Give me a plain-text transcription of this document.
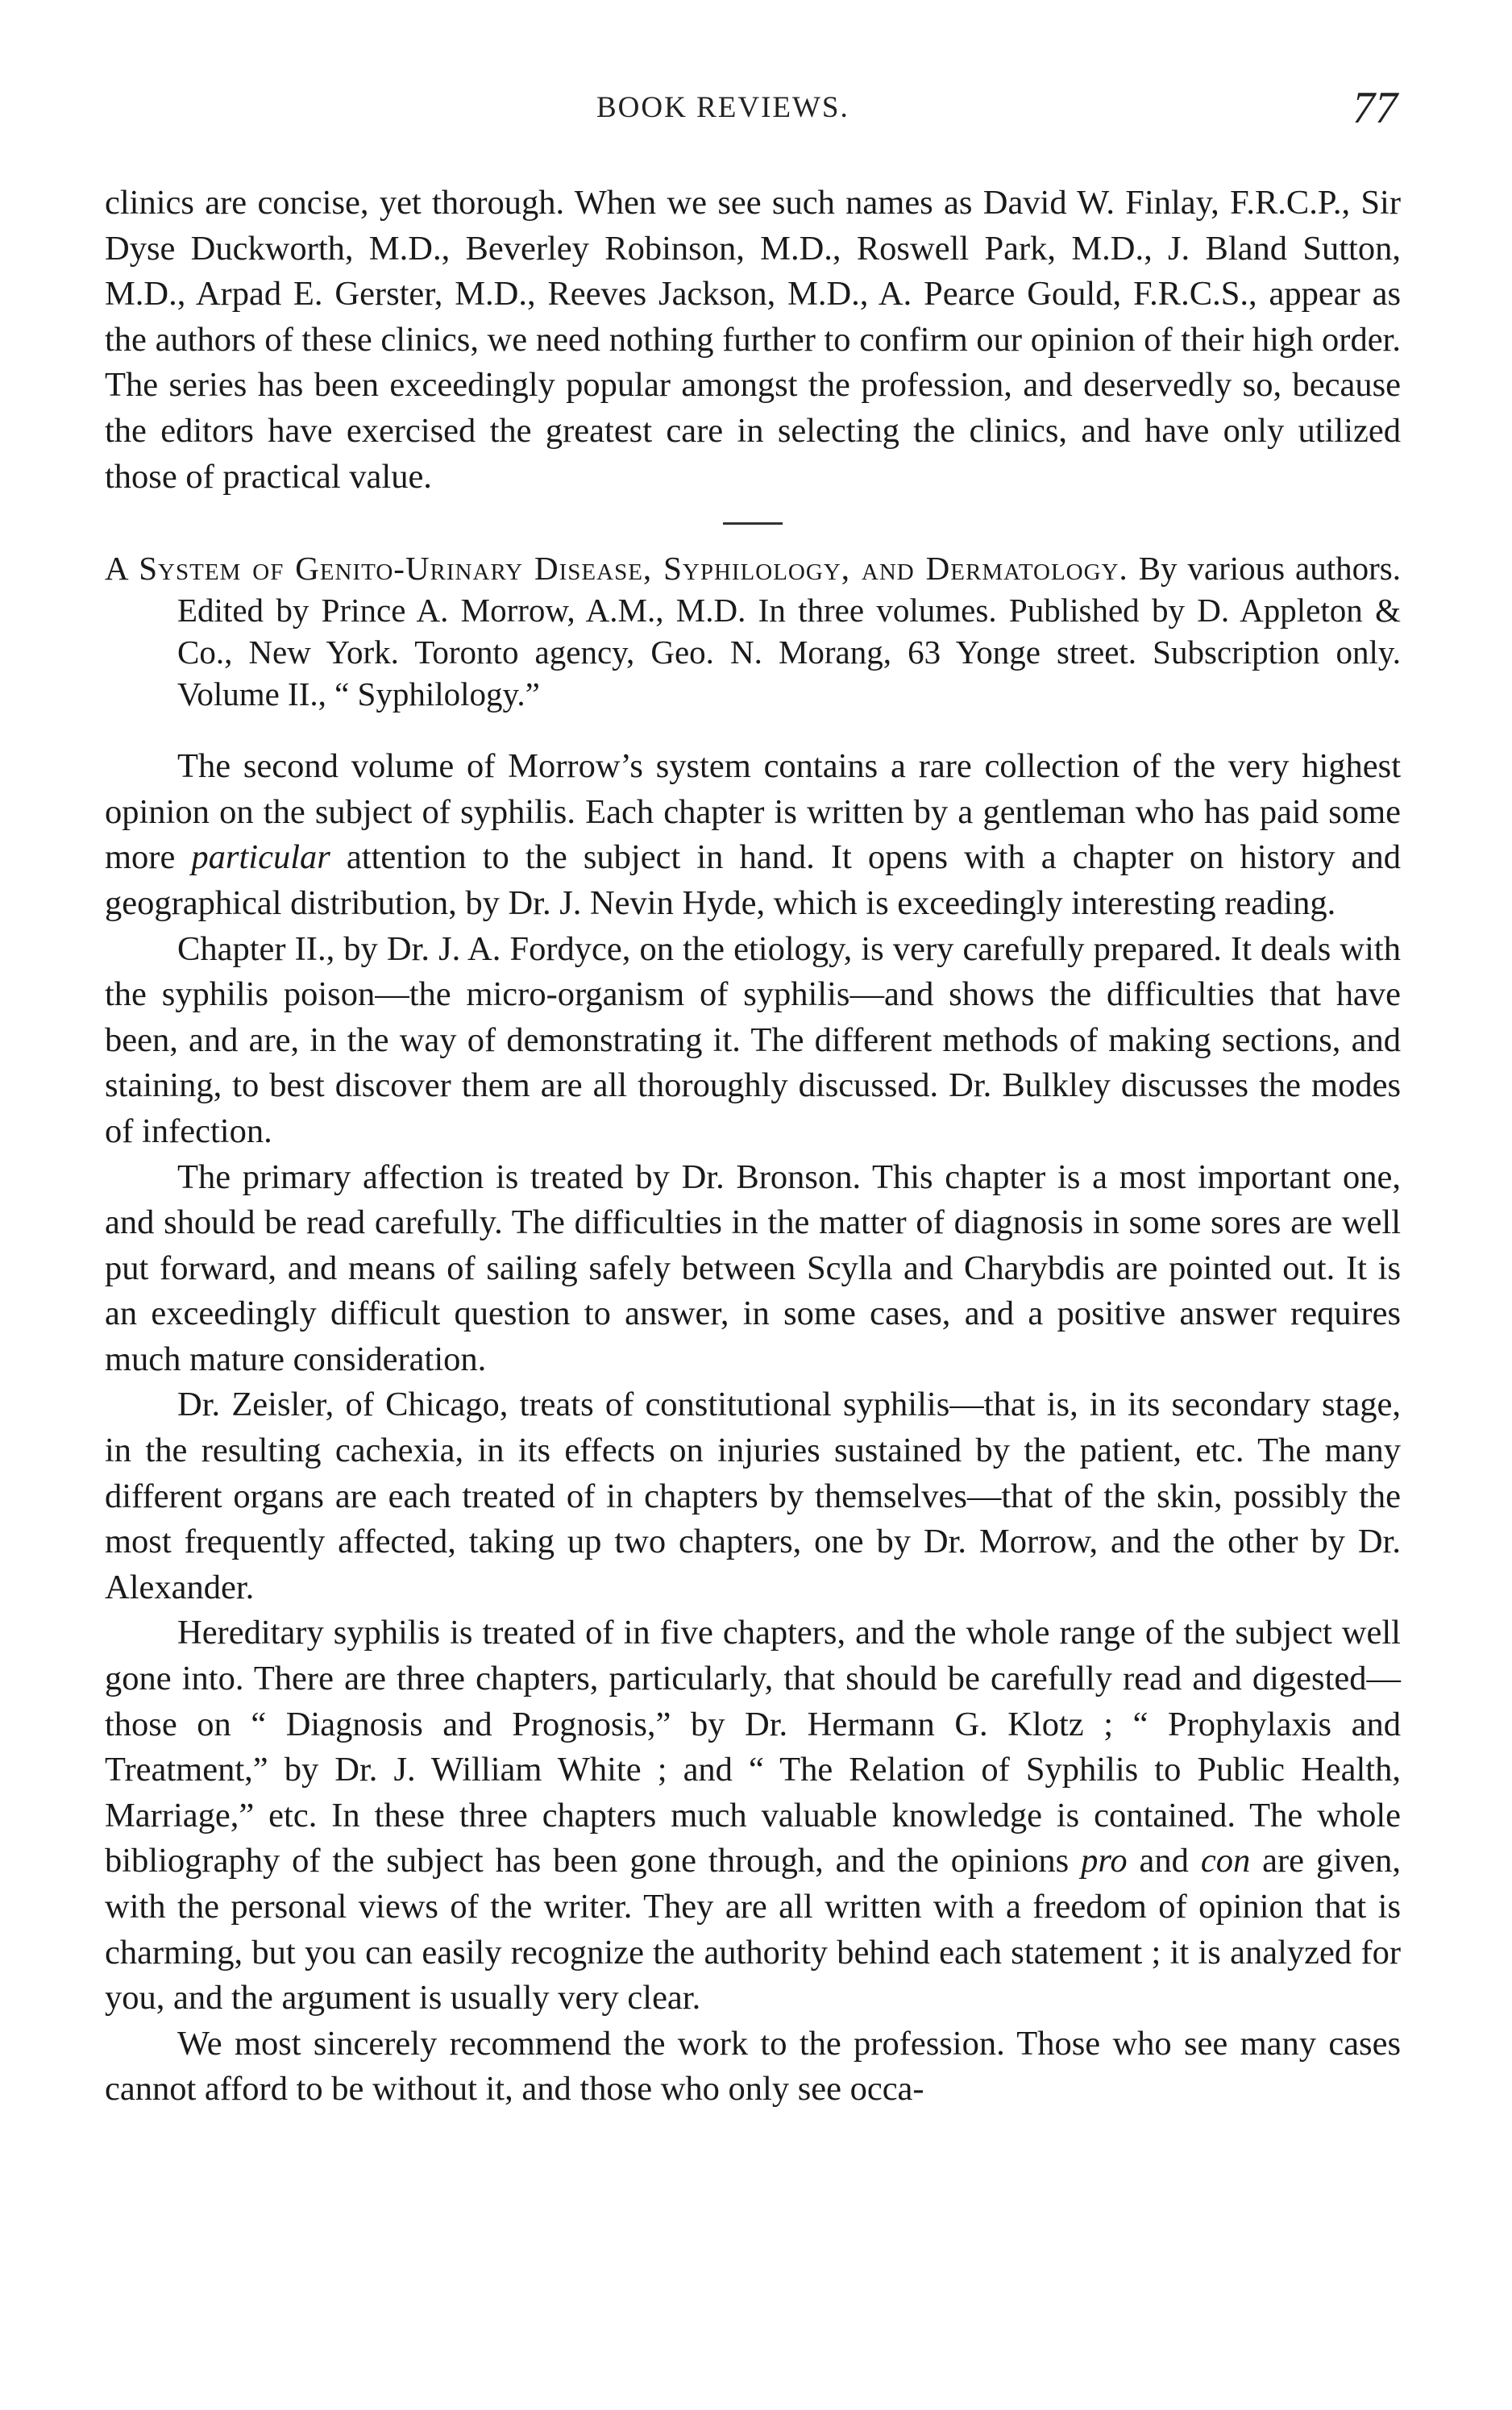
BOOK REVIEWS.	77

clinics are concise, yet thorough. When we see such names as David W. Finlay, F.R.C.P., Sir Dyse Duckworth, M.D., Beverley Robinson, M.D., Roswell Park, M.D., J. Bland Sutton, M.D., Arpad E. Gerster, M.D., Reeves Jackson, M.D., A. Pearce Gould, F.R.C.S., appear as the authors of these clinics, we need nothing further to confirm our opinion of their high order. The series has been exceedingly popular amongst the profession, and deservedly so, because the editors have exercised the greatest care in selecting the clinics, and have only utilized those of practical value.

A System of Genito-Urinary Disease, Syphilology, and Dermatology. By various authors. Edited by Prince A. Morrow, A.M., M.D. In three volumes. Published by D. Appleton & Co., New York. Toronto agency, Geo. N. Morang, 63 Yonge street. Subscription only. Volume II., “ Syphilology.”

The second volume of Morrow’s system contains a rare collection of the very highest opinion on the subject of syphilis. Each chapter is written by a gentleman who has paid some more particular attention to the subject in hand. It opens with a chapter on history and geographical distribution, by Dr. J. Nevin Hyde, which is exceedingly interesting reading.

Chapter II., by Dr. J. A. Fordyce, on the etiology, is very carefully prepared. It deals with the syphilis poison—the micro-organism of syphilis—and shows the difficulties that have been, and are, in the way of demonstrating it. The different methods of making sections, and staining, to best discover them are all thoroughly discussed. Dr. Bulkley discusses the modes of infection.

The primary affection is treated by Dr. Bronson. This chapter is a most important one, and should be read carefully. The difficulties in the matter of diagnosis in some sores are well put forward, and means of sailing safely between Scylla and Charybdis are pointed out. It is an exceedingly difficult question to answer, in some cases, and a positive answer requires much mature consideration.

Dr. Zeisler, of Chicago, treats of constitutional syphilis—that is, in its secondary stage, in the resulting cachexia, in its effects on injuries sustained by the patient, etc. The many different organs are each treated of in chapters by themselves—that of the skin, possibly the most frequently affected, taking up two chapters, one by Dr. Morrow, and the other by Dr. Alexander.

Hereditary syphilis is treated of in five chapters, and the whole range of the subject well gone into. There are three chapters, particularly, that should be carefully read and digested—those on “ Diagnosis and Prognosis,” by Dr. Hermann G. Klotz ; “ Prophylaxis and Treatment,” by Dr. J. William White ; and “ The Relation of Syphilis to Public Health, Marriage,” etc. In these three chapters much valuable knowledge is contained. The whole bibliography of the subject has been gone through, and the opinions pro and con are given, with the personal views of the writer. They are all written with a freedom of opinion that is charming, but you can easily recognize the authority behind each statement ; it is analyzed for you, and the argument is usually very clear.

We most sincerely recommend the work to the profession. Those who see many cases cannot afford to be without it, and those who only see occa-
